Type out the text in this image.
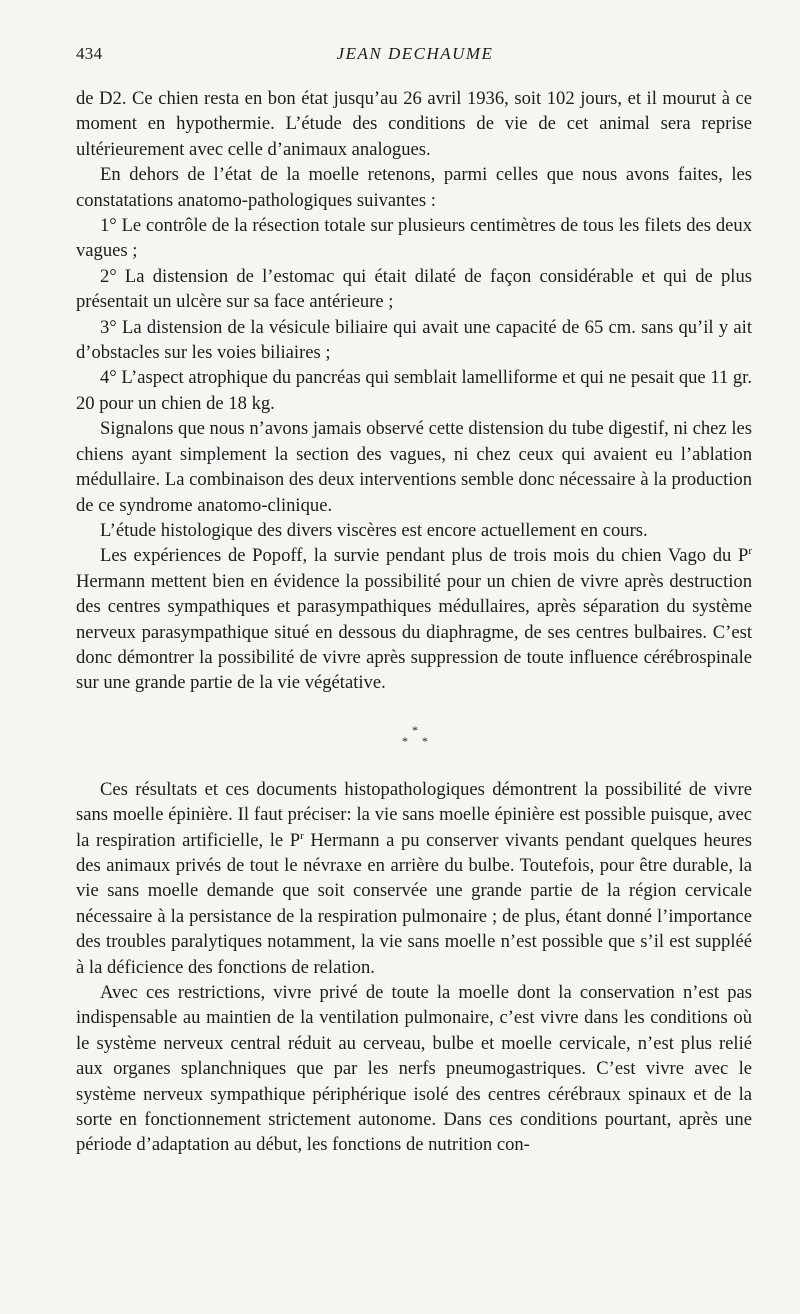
434	JEAN DECHAUME

de D2. Ce chien resta en bon état jusqu’au 26 avril 1936, soit 102 jours, et il mourut à ce moment en hypothermie. L’étude des conditions de vie de cet animal sera reprise ultérieurement avec celle d’animaux analogues.

En dehors de l’état de la moelle retenons, parmi celles que nous avons faites, les constatations anatomo-pathologiques suivantes :

1° Le contrôle de la résection totale sur plusieurs centimètres de tous les filets des deux vagues ;

2° La distension de l’estomac qui était dilaté de façon considérable et qui de plus présentait un ulcère sur sa face antérieure ;

3° La distension de la vésicule biliaire qui avait une capacité de 65 cm. sans qu’il y ait d’obstacles sur les voies biliaires ;

4° L’aspect atrophique du pancréas qui semblait lamelliforme et qui ne pesait que 11 gr. 20 pour un chien de 18 kg.

Signalons que nous n’avons jamais observé cette distension du tube digestif, ni chez les chiens ayant simplement la section des vagues, ni chez ceux qui avaient eu l’ablation médullaire. La combinaison des deux interventions semble donc nécessaire à la production de ce syndrome anatomo-clinique.

L’étude histologique des divers viscères est encore actuellement en cours.

Les expériences de Popoff, la survie pendant plus de trois mois du chien Vago du $P^r$ Hermann mettent bien en évidence la possibilité pour un chien de vivre après destruction des centres sympathiques et parasympathiques médullaires, après séparation du système nerveux parasympathique situé en dessous du diaphragme, de ses centres bulbaires. C’est donc démontrer la possibilité de vivre après suppression de toute influence cérébrospinale sur une grande partie de la vie végétative.

*
* *

Ces résultats et ces documents histopathologiques démontrent la possibilité de vivre sans moelle épinière. Il faut préciser: la vie sans moelle épinière est possible puisque, avec la respiration artificielle, le $P^r$ Hermann a pu conserver vivants pendant quelques heures des animaux privés de tout le névraxe en arrière du bulbe. Toutefois, pour être durable, la vie sans moelle demande que soit conservée une grande partie de la région cervicale nécessaire à la persistance de la respiration pulmonaire ; de plus, étant donné l’importance des troubles paralytiques notamment, la vie sans moelle n’est possible que s’il est suppléé à la déficience des fonctions de relation.

Avec ces restrictions, vivre privé de toute la moelle dont la conservation n’est pas indispensable au maintien de la ventilation pulmonaire, c’est vivre dans les conditions où le système nerveux central réduit au cerveau, bulbe et moelle cervicale, n’est plus relié aux organes splanchniques que par les nerfs pneumogastriques. C’est vivre avec le système nerveux sympathique périphérique isolé des centres cérébraux spinaux et de la sorte en fonctionnement strictement autonome. Dans ces conditions pourtant, après une période d’adaptation au début, les fonctions de nutrition con-
